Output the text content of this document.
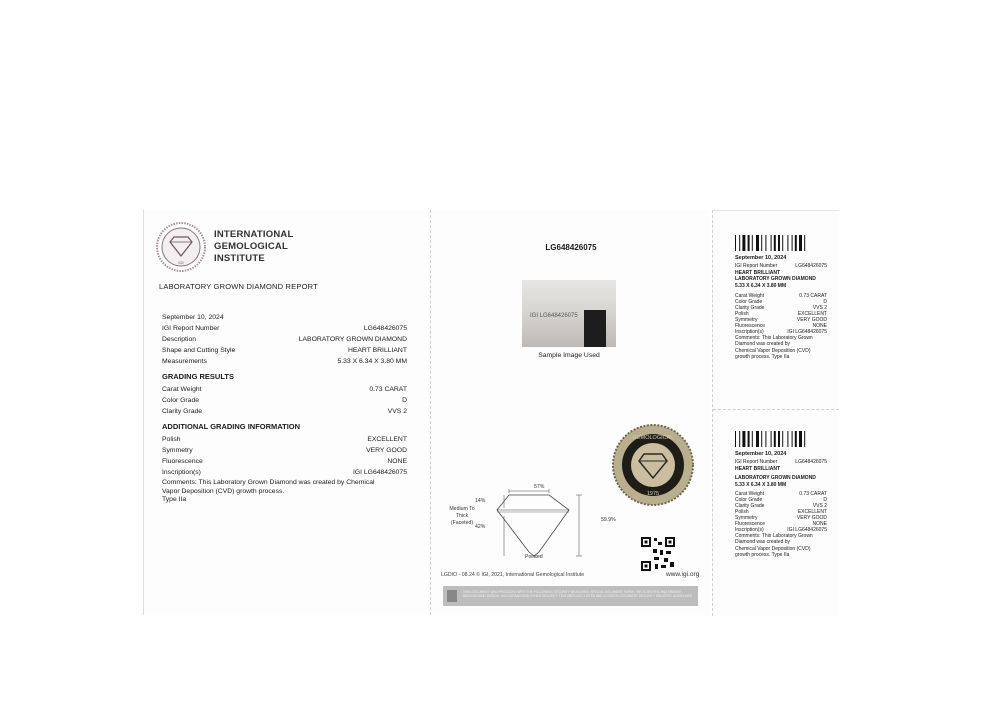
IGI
INTERNATIONAL
GEMOLOGICAL
INSTITUTE
LABORATORY GROWN DIAMOND REPORT
September 10, 2024
IGI Report Number	LG648426075
Description	LABORATORY GROWN DIAMOND
Shape and Cutting Style	HEART BRILLIANT
Measurements	5.33 X 6.34 X 3.80 MM
GRADING RESULTS
Carat Weight	0.73 CARAT
Color Grade	D
Clarity Grade	VVS 2
ADDITIONAL GRADING INFORMATION
Polish	EXCELLENT
Symmetry	VERY GOOD
Fluorescence	NONE
Inscription(s)	IGI LG648426075
Comments: This Laboratory Grown Diamond was created by Chemical Vapor Deposition (CVD) growth process.
Type IIa
LG648426075
IGI LG648426075
Sample Image Used
GEMOLOGICAL
1975
57%
14%
42%
59.9%
Medium To
Thick
(Faceted)
Pointed
LGDIO - 08.24 © IGI, 2021, International Gemological Institute	www.igi.org
THIS DOCUMENT WAS PRODUCED WITH THE FOLLOWING SECURITY MEASURES: SPECIAL DOCUMENT PAPER, INK SCIENTIFIC WATERMARK BACKGROUND DESIGN, HOLOGRAMS AND OTHER SECURITY FEATURES NOT LISTED AND EXCEEDS DOCUMENT SECURITY INDUSTRY GUIDELINES
September 10, 2024
IGI Report Number	LG648426075
HEART BRILLIANT
LABORATORY GROWN DIAMOND
5.33 X 6.34 X 3.80 MM
Carat Weight	0.73 CARAT
Color Grade	D
Clarity Grade	VVS 2
Polish	EXCELLENT
Symmetry	VERY GOOD
Fluorescence	NONE
Inscription(s)	IGI LG648426075
Comments: This Laboratory Grown
Diamond was created by
Chemical Vapor Deposition (CVD)
growth process. Type IIa
September 10, 2024
IGI Report Number	LG648426075
HEART BRILLIANT
LABORATORY GROWN DIAMOND
5.33 X 6.34 X 3.80 MM
Carat Weight	0.73 CARAT
Color Grade	D
Clarity Grade	VVS 2
Polish	EXCELLENT
Symmetry	VERY GOOD
Fluorescence	NONE
Inscription(s)	IGI LG648426075
Comments: This Laboratory Grown
Diamond was created by
Chemical Vapor Deposition (CVD)
growth process. Type IIa
